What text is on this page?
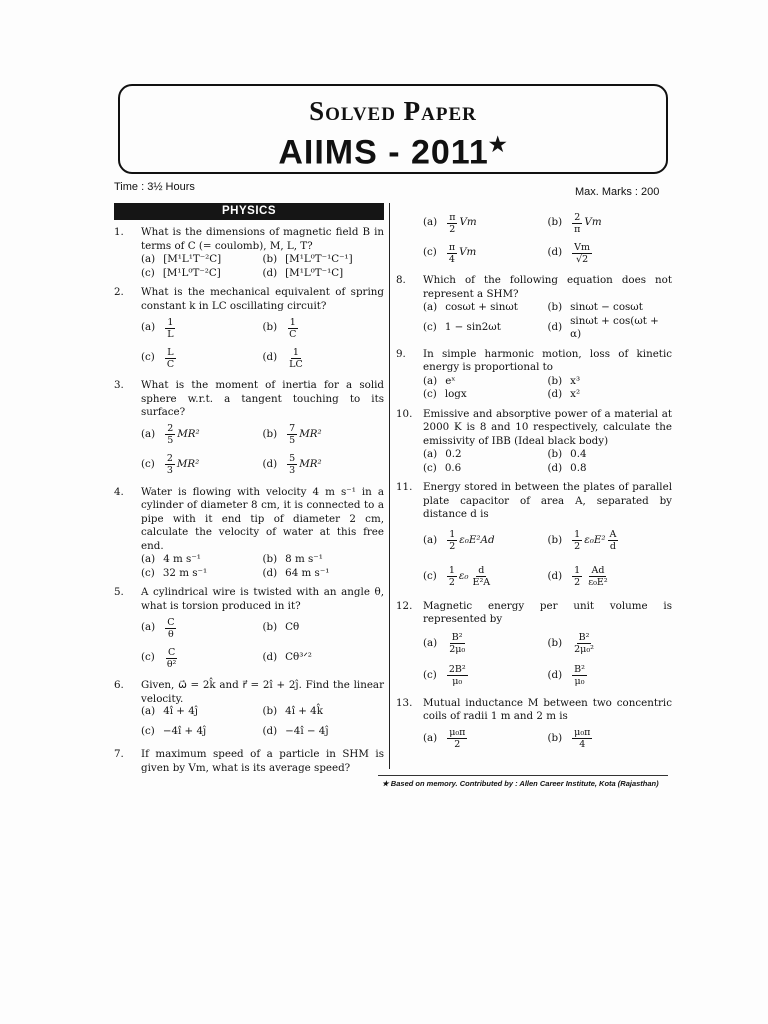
Solved Paper
AIIMS - 2011★
Time : 3½ Hours	Max. Marks : 200
PHYSICS
1. What is the dimensions of magnetic field B in terms of C (= coulomb), M, L, T?
(a) [M¹L¹T⁻²C]	(b) [M¹L⁰T⁻¹C⁻¹]
(c) [M¹L⁰T⁻²C]	(d) [M¹L⁰T⁻¹C]
2. What is the mechanical equivalent of spring constant k in LC oscillating circuit?
$(a) \frac{1}{L}$	$(b) \frac{1}{C}$
$(c) \frac{L}{C}$	$(d) \frac{1}{LC}$
3. What is the moment of inertia for a solid sphere w.r.t. a tangent touching to its surface?
$(a) \frac{2}{5} MR^2$	$(b) \frac{7}{5} MR^2$
$(c) \frac{2}{3} MR^2$	$(d) \frac{5}{3} MR^2$
4. Water is flowing with velocity 4 m s⁻¹ in a cylinder of diameter 8 cm, it is connected to a pipe with it end tip of diameter 2 cm, calculate the velocity of water at this free end.
(a) 4 m s⁻¹	(b) 8 m s⁻¹
(c) 32 m s⁻¹	(d) 64 m s⁻¹
5. A cylindrical wire is twisted with an angle θ, what is torsion produced in it?
$(a) \frac{C}{\theta}$	(b) Cθ
$(c) \frac{C}{\text{θ²}}$	(d) Cθ³ᐟ²
6. Given, ω⃗ = 2k̂ and r⃗ = 2î + 2ĵ. Find the linear velocity.
(a) 4î + 4ĵ	(b) 4î + 4k̂
(c) −4î + 4ĵ	(d) −4î − 4ĵ
7. If maximum speed of a particle in SHM is given by Vm, what is its average speed?
$(a) \frac{\pi}{2}$ Vm	$(b) \frac{2}{\pi}$ Vm
$(c) \frac{\pi}{4}$ Vm	$(d) \frac{Vm}{√2}$
8. Which of the following equation does not represent a SHM?
(a) cosωt + sinωt	(b) sinωt − cosωt
(c) 1 − sin2ωt	(d)
sinωt + cos(ωt + α)
9. In simple harmonic motion, loss of kinetic energy is proportional to
(a) eˣ	(b) x³
(c) logx	(d) x²
10. Emissive and absorptive power of a material at 2000 K is 8 and 10 respectively, calculate the emissivity of IBB (Ideal black body)
(a) 0.2	(b) 0.4
(c) 0.6	(d) 0.8
11. Energy stored in between the plates of parallel plate capacitor of area A, separated by distance d is
$(a) \frac{1}{2} \varepsilon_0E^2Ad$	$(b) \frac{1}{2} \varepsilon_0E^2 \frac{A}{d}$
$(c) \frac{1}{2} \varepsilon_0 \frac{d}{\text{E²A}}$	$(d) \frac{1}{2} \frac{Ad}{\text{ε₀E²}}$
12. Magnetic energy per unit volume is represented by
$(a) \frac{\text{B²}}{\text{2μ₀}}$	$(b) \frac{\text{B²}}{\text{2μ₀²}}$
$(c) \frac{\text{2B²}}{\text{μ₀}}$	$(d) \frac{\text{B²}}{\text{μ₀}}$
13. Mutual inductance M between two concentric coils of radii 1 m and 2 m is
$(a) \frac{\text{μ₀π}}{2}$	$(b) \frac{\text{μ₀π}}{4}$
★ Based on memory. Contributed by : Allen Career Institute, Kota (Rajasthan)
